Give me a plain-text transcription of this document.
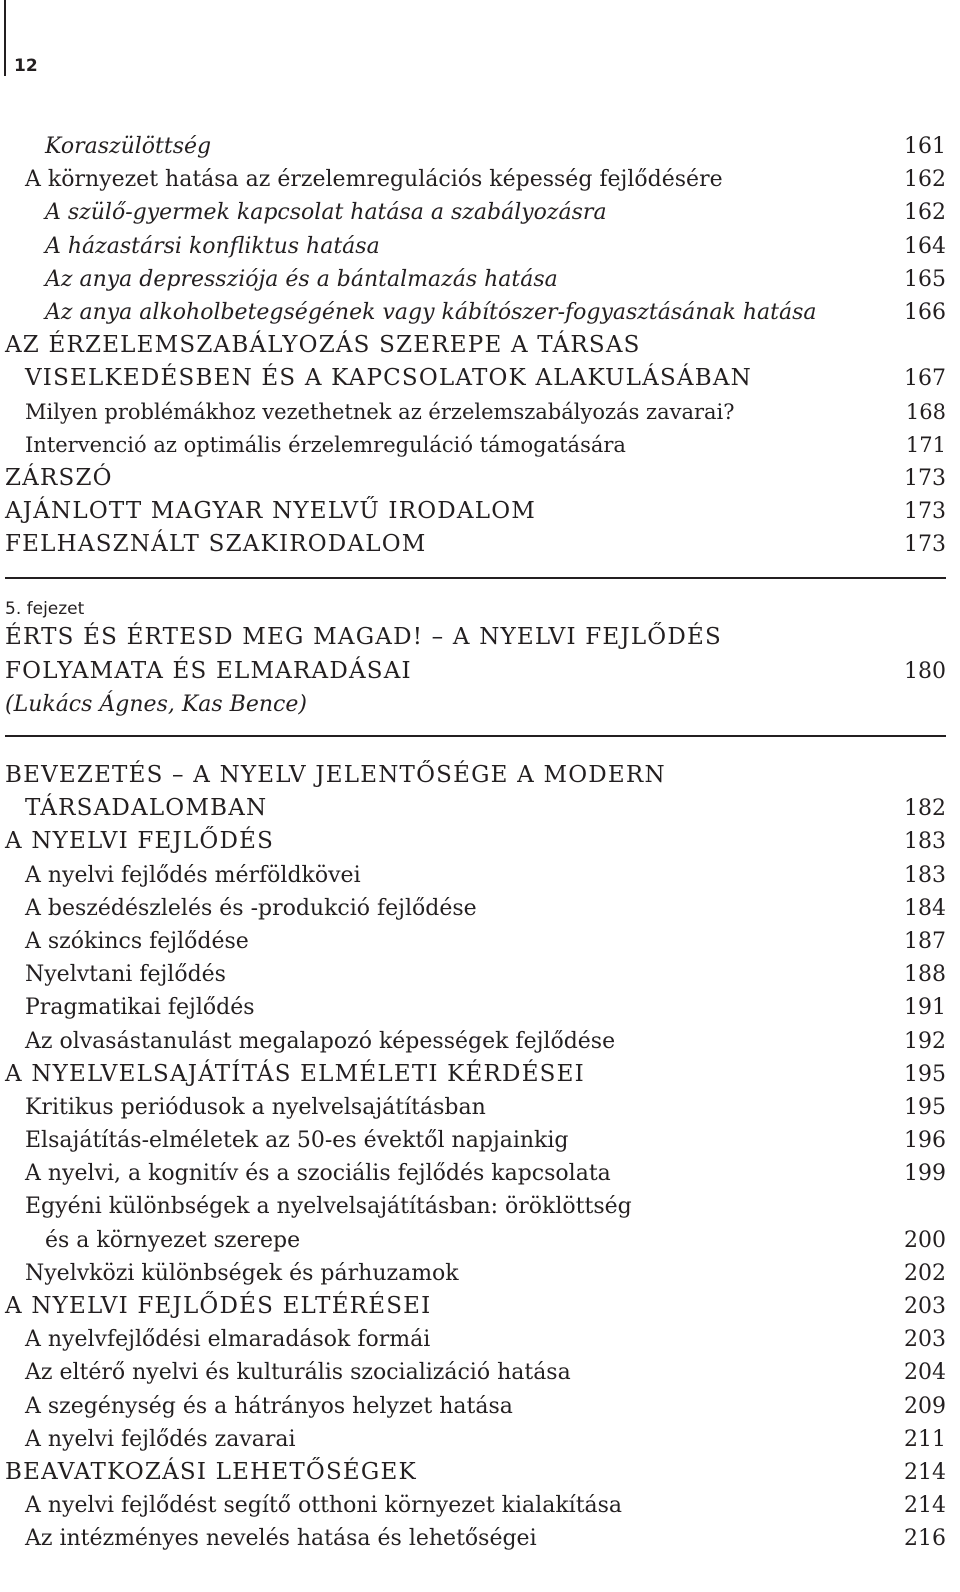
12
Koraszülöttség	161
A környezet hatása az érzelemregulációs képesség fejlődésére	162
A szülő-gyermek kapcsolat hatása a szabályozásra	162
A házastársi konfliktus hatása	164
Az anya depressziója és a bántalmazás hatása	165
Az anya alkoholbetegségének vagy kábítószer-fogyasztásának hatása	166
AZ ÉRZELEMSZABÁLYOZÁS SZEREPE A TÁRSAS
VISELKEDÉSBEN ÉS A KAPCSOLATOK ALAKULÁSÁBAN	167
Milyen problémákhoz vezethetnek az érzelemszabályozás zavarai?	168
Intervenció az optimális érzelemreguláció támogatására	171
ZÁRSZÓ	173
AJÁNLOTT MAGYAR NYELVŰ IRODALOM	173
FELHASZNÁLT SZAKIRODALOM	173
5. fejezet
ÉRTS ÉS ÉRTESD MEG MAGAD! – A NYELVI FEJLŐDÉS
FOLYAMATA ÉS ELMARADÁSAI	180
(Lukács Ágnes, Kas Bence)
BEVEZETÉS – A NYELV JELENTŐSÉGE A MODERN
TÁRSADALOMBAN	182
A NYELVI FEJLŐDÉS	183
A nyelvi fejlődés mérföldkövei	183
A beszédészlelés és -produkció fejlődése	184
A szókincs fejlődése	187
Nyelvtani fejlődés	188
Pragmatikai fejlődés	191
Az olvasástanulást megalapozó képességek fejlődése	192
A NYELVELSAJÁTÍTÁS ELMÉLETI KÉRDÉSEI	195
Kritikus periódusok a nyelvelsajátításban	195
Elsajátítás-elméletek az 50-es évektől napjainkig	196
A nyelvi, a kognitív és a szociális fejlődés kapcsolata	199
Egyéni különbségek a nyelvelsajátításban: öröklöttség
és a környezet szerepe	200
Nyelvközi különbségek és párhuzamok	202
A NYELVI FEJLŐDÉS ELTÉRÉSEI	203
A nyelvfejlődési elmaradások formái	203
Az eltérő nyelvi és kulturális szocializáció hatása	204
A szegénység és a hátrányos helyzet hatása	209
A nyelvi fejlődés zavarai	211
BEAVATKOZÁSI LEHETŐSÉGEK	214
A nyelvi fejlődést segítő otthoni környezet kialakítása	214
Az intézményes nevelés hatása és lehetőségei	216
